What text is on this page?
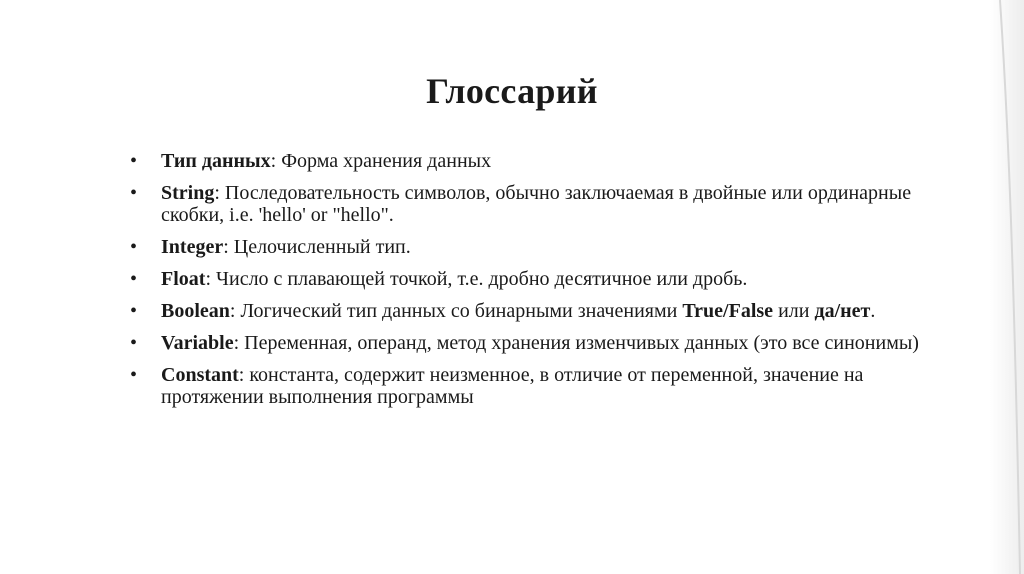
Глоссарий
• Тип данных: Форма хранения данных
• String: Последовательность символов, обычно заключаемая в двойные или ординарные скобки, i.e. 'hello' or "hello".
• Integer: Целочисленный тип.
• Float: Число с плавающей точкой, т.е. дробно десятичное или дробь.
• Boolean: Логический тип данных со бинарными значениями True/False или да/нет.
• Variable: Переменная, операнд, метод хранения изменчивых данных (это все синонимы)
• Constant: константа, содержит неизменное, в отличие от переменной, значение на протяжении выполнения программы
